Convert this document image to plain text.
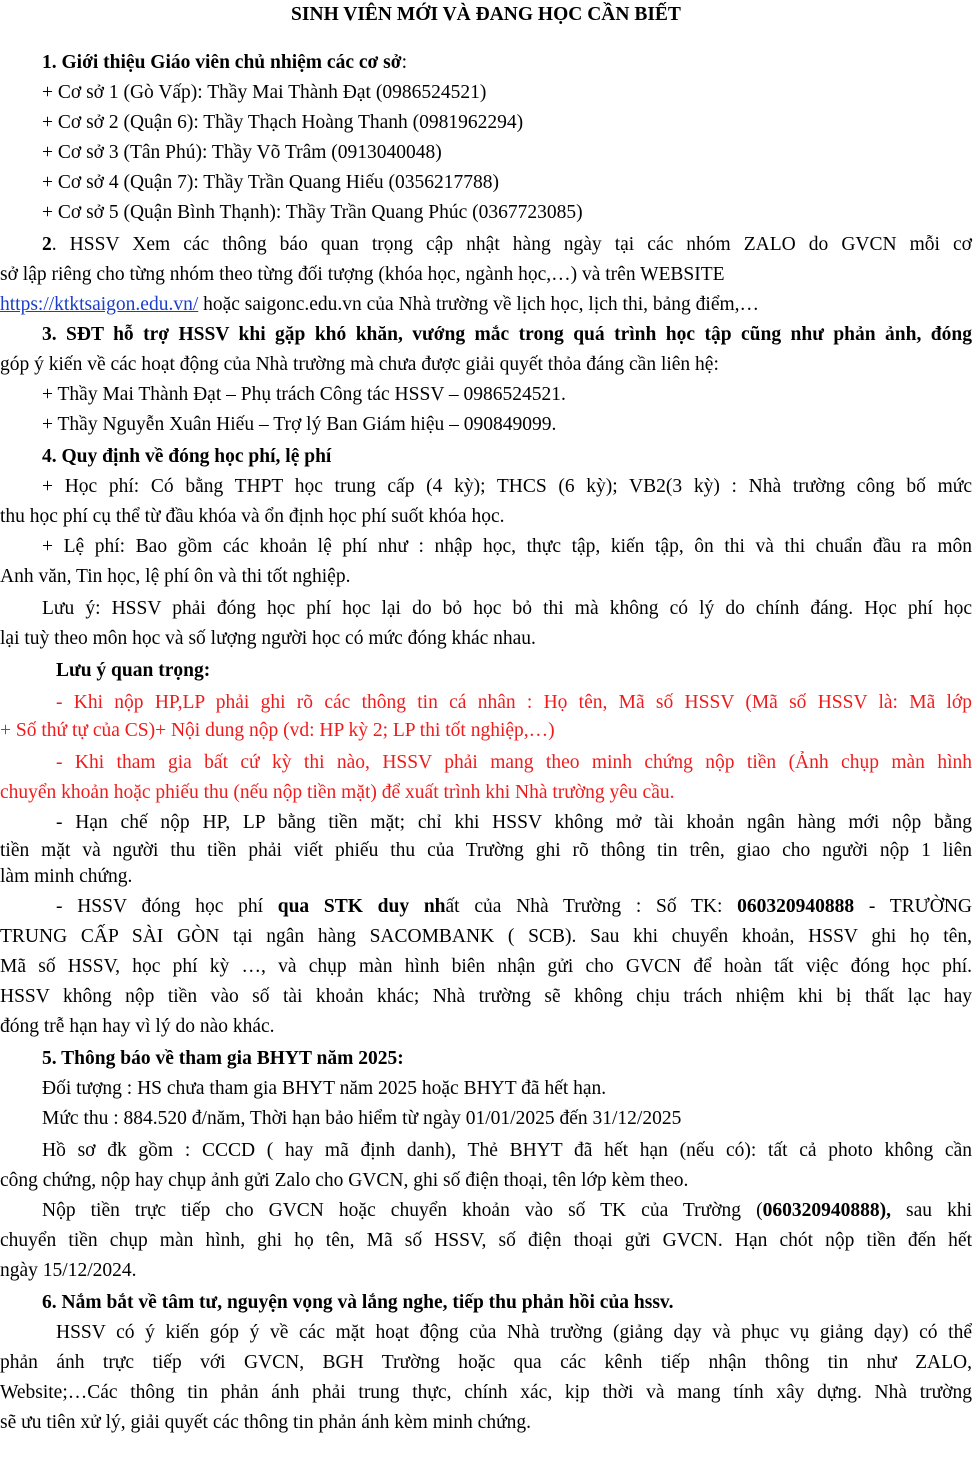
SINH VIÊN MỚI VÀ ĐANG HỌC CẦN BIẾT
1. Giới thiệu Giáo viên chủ nhiệm các cơ sở:
+ Cơ sở 1 (Gò Vấp): Thầy Mai Thành Đạt (0986524521)
+ Cơ sở 2 (Quận 6): Thầy Thạch Hoàng Thanh (0981962294)
+ Cơ sở 3 (Tân Phú): Thầy Võ Trâm (0913040048)
+ Cơ sở 4 (Quận 7): Thầy Trần Quang Hiếu (0356217788)
+ Cơ sở 5 (Quận Bình Thạnh): Thầy Trần Quang Phúc (0367723085)
2. HSSV Xem các thông báo quan trọng cập nhật hàng ngày tại các nhóm ZALO do GVCN mỗi cơ
sở lập riêng cho từng nhóm theo từng đối tượng (khóa học, ngành học,…) và trên WEBSITE
https://ktktsaigon.edu.vn/ hoặc saigonc.edu.vn của Nhà trường về lịch học, lịch thi, bảng điểm,…
3. SĐT hỗ trợ HSSV khi gặp khó khăn, vướng mắc trong quá trình học tập cũng như phản ảnh, đóng
góp ý kiến về các hoạt động của Nhà trường mà chưa được giải quyết thỏa đáng cần liên hệ:
+ Thầy Mai Thành Đạt – Phụ trách Công tác HSSV – 0986524521.
+ Thầy Nguyễn Xuân Hiếu – Trợ lý Ban Giám hiệu – 090849099.
4. Quy định về đóng học phí, lệ phí
+ Học phí: Có bằng THPT học trung cấp (4 kỳ); THCS (6 kỳ); VB2(3 kỳ) : Nhà trường công bố mức
thu học phí cụ thể từ đầu khóa và ổn định học phí suốt khóa học.
+ Lệ phí: Bao gồm các khoản lệ phí như : nhập học, thực tập, kiến tập, ôn thi và thi chuẩn đầu ra môn
Anh văn, Tin học, lệ phí ôn và thi tốt nghiệp.
Lưu ý: HSSV phải đóng học phí học lại do bỏ học bỏ thi mà không có lý do chính đáng. Học phí học
lại tuỳ theo môn học và số lượng người học có mức đóng khác nhau.
Lưu ý quan trọng:
- Khi nộp HP,LP phải ghi rõ các thông tin cá nhân : Họ tên, Mã số HSSV (Mã số HSSV là: Mã lớp
+ Số thứ tự của CS)+ Nội dung nộp (vd: HP kỳ 2; LP thi tốt nghiệp,…)
- Khi tham gia bất cứ kỳ thi nào, HSSV phải mang theo minh chứng nộp tiền (Ảnh chụp màn hình
chuyển khoản hoặc phiếu thu (nếu nộp tiền mặt) để xuất trình khi Nhà trường yêu cầu.
- Hạn chế nộp HP, LP bằng tiền mặt; chỉ khi HSSV không mở tài khoản ngân hàng mới nộp bằng
tiền mặt và người thu tiền phải viết phiếu thu của Trường ghi rõ thông tin trên, giao cho người nộp 1 liên
làm minh chứng.
- HSSV đóng học phí qua STK duy nhất của Nhà Trường : Số TK: 060320940888 - TRƯỜNG
TRUNG CẤP SÀI GÒN tại ngân hàng SACOMBANK ( SCB). Sau khi chuyển khoản, HSSV ghi họ tên,
Mã số HSSV, học phí kỳ …, và chụp màn hình biên nhận gửi cho GVCN để hoàn tất việc đóng học phí.
HSSV không nộp tiền vào số tài khoản khác; Nhà trường sẽ không chịu trách nhiệm khi bị thất lạc hay
đóng trễ hạn hay vì lý do nào khác.
5. Thông báo về tham gia BHYT năm 2025:
Đối tượng : HS chưa tham gia BHYT năm 2025 hoặc BHYT đã hết hạn.
Mức thu : 884.520 đ/năm, Thời hạn bảo hiểm từ ngày 01/01/2025 đến 31/12/2025
Hồ sơ đk gồm : CCCD ( hay mã định danh), Thẻ BHYT đã hết hạn (nếu có): tất cả photo không cần
công chứng, nộp hay chụp ảnh gửi Zalo cho GVCN, ghi số điện thoại, tên lớp kèm theo.
Nộp tiền trực tiếp cho GVCN hoặc chuyển khoản vào số TK của Trường (060320940888), sau khi
chuyển tiền chụp màn hình, ghi họ tên, Mã số HSSV, số điện thoại gửi GVCN. Hạn chót nộp tiền đến hết
ngày 15/12/2024.
6. Nắm bắt về tâm tư, nguyện vọng và lắng nghe, tiếp thu phản hồi của hssv.
HSSV có ý kiến góp ý về các mặt hoạt động của Nhà trường (giảng dạy và phục vụ giảng dạy) có thể
phản ánh trực tiếp với GVCN, BGH Trường hoặc qua các kênh tiếp nhận thông tin như ZALO,
Website;…Các thông tin phản ánh phải trung thực, chính xác, kịp thời và mang tính xây dựng. Nhà trường
sẽ ưu tiên xử lý, giải quyết các thông tin phản ánh kèm minh chứng.
